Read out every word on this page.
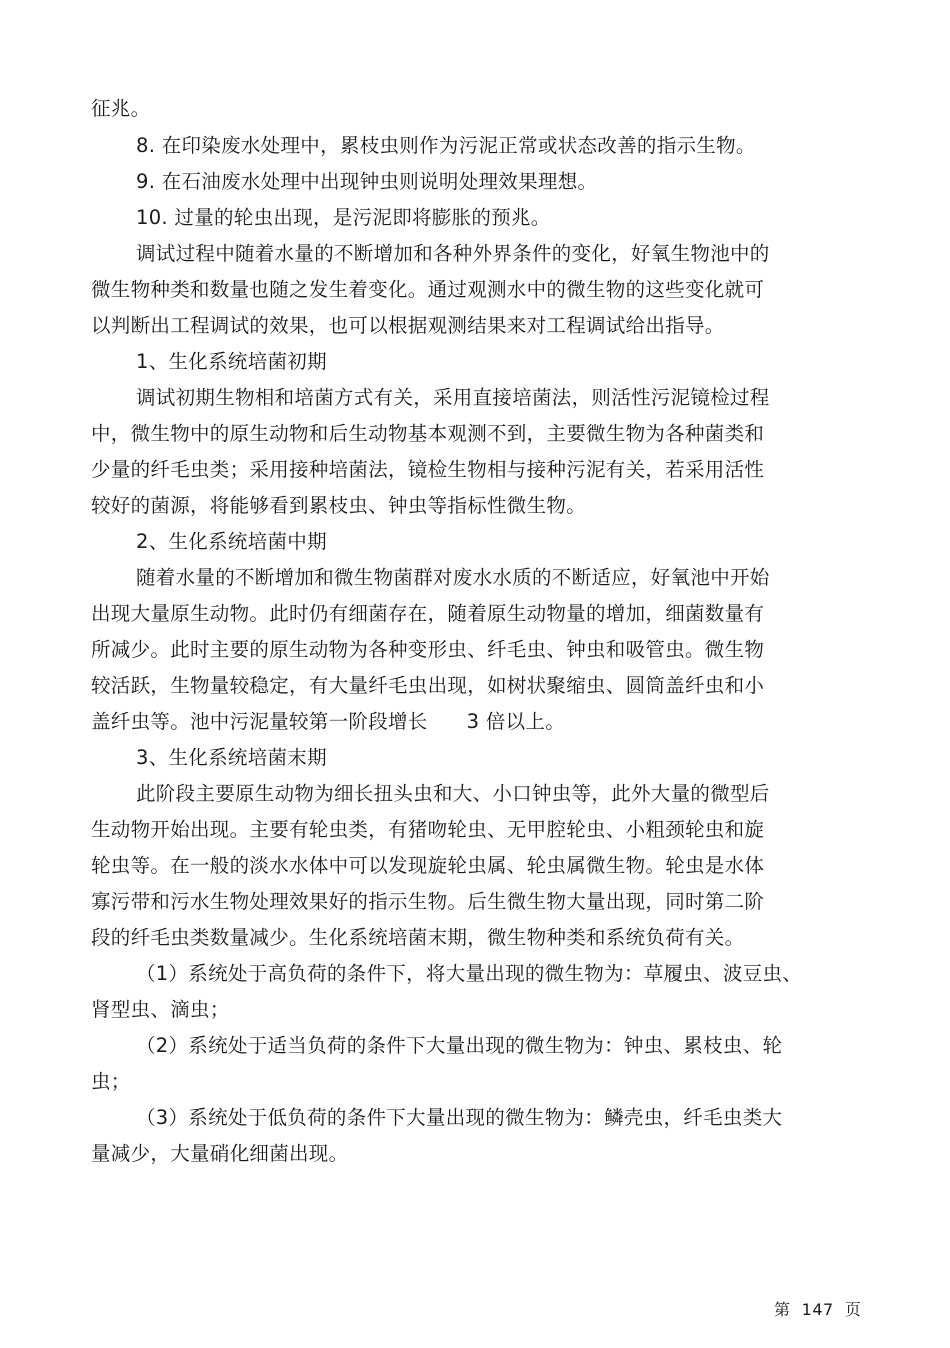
征兆。
8. 在印染废水处理中，累枝虫则作为污泥正常或状态改善的指示生物。
9. 在石油废水处理中出现钟虫则说明处理效果理想。
10. 过量的轮虫出现，是污泥即将膨胀的预兆。
调试过程中随着水量的不断增加和各种外界条件的变化，好氧生物池中的
微生物种类和数量也随之发生着变化。通过观测水中的微生物的这些变化就可
以判断出工程调试的效果，也可以根据观测结果来对工程调试给出指导。
1、生化系统培菌初期
调试初期生物相和培菌方式有关，采用直接培菌法，则活性污泥镜检过程
中，微生物中的原生动物和后生动物基本观测不到，主要微生物为各种菌类和
少量的纤毛虫类；采用接种培菌法，镜检生物相与接种污泥有关，若采用活性
较好的菌源，将能够看到累枝虫、钟虫等指标性微生物。
2、生化系统培菌中期
随着水量的不断增加和微生物菌群对废水水质的不断适应，好氧池中开始
出现大量原生动物。此时仍有细菌存在，随着原生动物量的增加，细菌数量有
所减少。此时主要的原生动物为各种变形虫、纤毛虫、钟虫和吸管虫。微生物
较活跃，生物量较稳定，有大量纤毛虫出现，如树状聚缩虫、圆筒盖纤虫和小
盖纤虫等。池中污泥量较第一阶段增长      3 倍以上。
3、生化系统培菌末期
此阶段主要原生动物为细长扭头虫和大、小口钟虫等，此外大量的微型后
生动物开始出现。主要有轮虫类，有猪吻轮虫、无甲腔轮虫、小粗颈轮虫和旋
轮虫等。在一般的淡水水体中可以发现旋轮虫属、轮虫属微生物。轮虫是水体
寡污带和污水生物处理效果好的指示生物。后生微生物大量出现，同时第二阶
段的纤毛虫类数量减少。生化系统培菌末期，微生物种类和系统负荷有关。
（1）系统处于高负荷的条件下，将大量出现的微生物为：草履虫、波豆虫、
肾型虫、滴虫；
（2）系统处于适当负荷的条件下大量出现的微生物为：钟虫、累枝虫、轮
虫；
（3）系统处于低负荷的条件下大量出现的微生物为：鳞壳虫，纤毛虫类大
量减少，大量硝化细菌出现。
第  147  页
